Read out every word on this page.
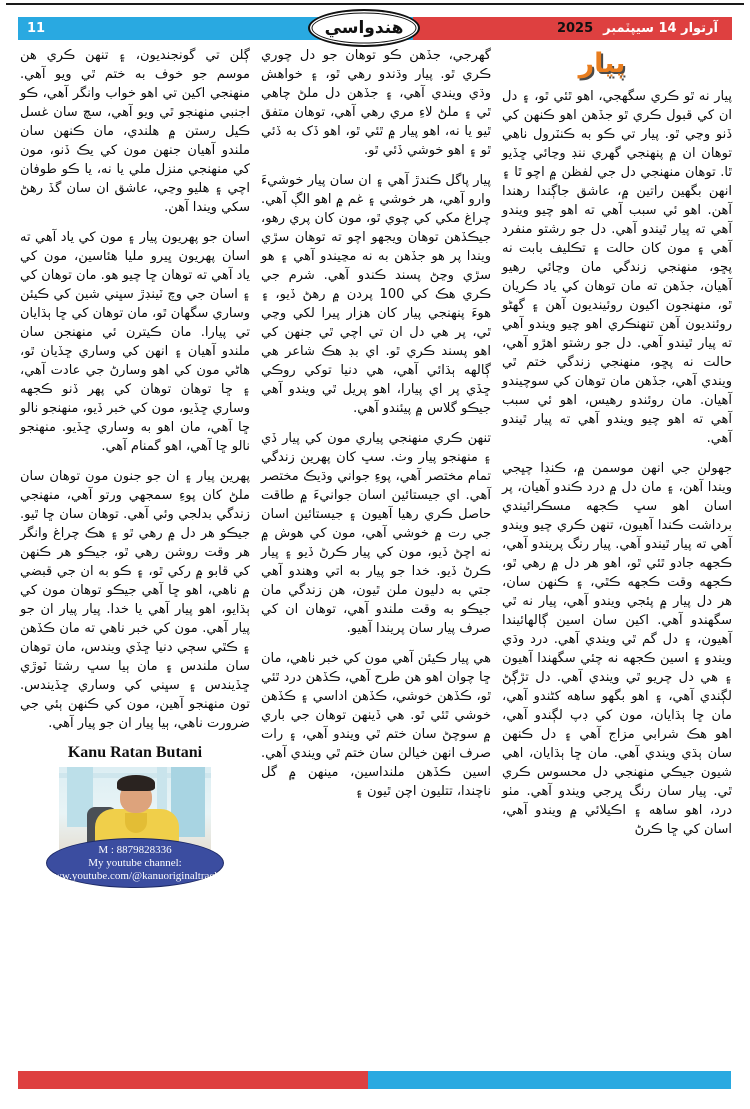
11	آرتوار 14 سيپٽمبر
2025
هندواسي
پيار

پيار نه ٿو ڪري سگهجي، اهو ٿئي ٿو، ۽ دل ان کي قبول ڪري ٿو جڏهن اهو ڪنهن کي ڏنو وڃي ٿو. پيار تي ڪو به ڪنٽرول ناهي توهان ان ۾ پنهنجي گهري ننڊ وڃائي ڇڏيو ٿا. توهان منهنجي دل جي لفظن ۾ اچو ٿا ۽ انهن بگهين راتين ۾، عاشق جاڳندا رهندا آهن. اهو ئي سبب آهي ته اهو چيو ويندو آهي ته پيار ٿيندو آهي. دل جو رشتو منفرد آهي ۽ مون کان حالت ۽ تڪليف بابت نه پڇو، منهنجي زندگي مان وڃائي رهيو آهيان، جڏهن ته مان توهان کي ياد ڪريان ٿو، منهنجون اکيون روئينديون آهن ۽ گهڻو روئنديون آهن تنهنڪري اهو چيو ويندو آهي ته پيار ٿيندو آهي. دل جو رشتو اهڙو آهي، حالت نه پڇو، منهنجي زندگي ختم ٿي ويندي آهي، جڏهن مان توهان کي سوچيندو آهيان. مان روئندو رهيس، اهو ئي سبب آهي ته اهو چيو ويندو آهي ته پيار ٿيندو آهي.

جهولن جي انهن موسمن ۾، ڪنڊا چڀجي ويندا آهن، ۽ مان دل ۾ درد ڪندو آهيان، پر اسان اهو سڀ ڪجهه مسڪرائيندي برداشت ڪندا آهيون، تنهن ڪري چيو ويندو آهي ته پيار ٿيندو آهي. پيار رنگ پريندو آهي، ڪجهه جادو ٿئي ٿو، اهو هر دل ۾ رهي ٿو، ڪجهه وقت ڪجهه ڪٿي، ۽ ڪنهن سان، هر دل پيار ۾ پئجي ويندو آهي، پيار نه ٿي سگهندو آهي. اکين سان اسين ڳالهائيندا آهيون، ۽ دل گم ٿي ويندي آهي. درد وڌي ويندو ۽ اسين ڪجهه نه چئي سگهندا آهيون ۽ هي دل چريو ٿي ويندي آهي. دل تڙڳڻ لڳندي آهي، ۽ اهو بگهو ساهه کڻندو آهي، مان ڇا ٻڌايان، مون کي ڊپ لڳندو آهي، اهو هڪ شرابي مزاج آهي ۽ دل ڪنهن سان ٻڌي ويندي آهي. مان ڇا ٻڌايان، اهي شيون جيڪي منهنجي دل محسوس ڪري ٿي. پيار سان رنگ ڀرجي ويندو آهي. مٺو درد، اهو ساهه ۽ اڪيلائي ۾ ويندو آهي، اسان کي ڇا ڪرڻ

گهرجي، جڏهن ڪو توهان جو دل چوري ڪري ٿو. پيار وڌندو رهي ٿو، ۽ خواهش وڌي ويندي آهي، ۽ جڏهن دل ملڻ چاهي ٿي ۽ ملڻ لاءِ مري رهي آهي، توهان متفق ٿيو يا نه، اهو پيار ۾ ٿئي ٿو، اهو ڏک به ڏئي ٿو ۽ اهو خوشي ڏئي ٿو.

پيار پاگل ڪندڙ آهي ۽ ان سان پيار خوشيءَ وارو آهي، هر خوشي ۽ غم ۾ اهو الڳ آهي. چراغ مکي کي چوي ٿو، مون کان پري رهو، جيڪڏهن توهان ويجهو اچو ته توهان سڙي ويندا پر هو جڏهن به نه مڃيندو آهي ۽ هو سڙي وڃڻ پسند ڪندو آهي. شرم جي ڪري هڪ کي 100 پردن ۾ رهڻ ڏيو، ۽ هوءَ پنهنجي پيار کان هزار پيرا لکي وڃي ٿي، پر هي دل ان تي اچي ٿي جنهن کي اهو پسند ڪري ٿو. اي بڊ هڪ شاعر هي ڳالهه ٻڌائي آهي، هي دنيا توکي روڪي ڇڏي پر اي پيارا، اهو پريل ٿي ويندو آهي جيڪو گلاس ۾ پيئندو آهي.

تنهن ڪري منهنجي پياري مون کي پيار ڏي ۽ منهنجو پيار وٺ. سڀ کان پهرين زندگي تمام مختصر آهي، پوءِ جواني وڌيڪ مختصر آهي. اي جيستائين اسان جوانيءَ ۾ طاقت حاصل ڪري رهيا آهيون ۽ جيستائين اسان جي رت ۾ خوشي آهي، مون کي هوش ۾ نه اچڻ ڏيو، مون کي پيار ڪرڻ ڏيو ۽ پيار ڪرڻ ڏيو. خدا جو پيار به اتي وهندو آهي جتي به دليون ملن ٿيون، هن زندگي مان جيڪو به وقت ملندو آهي، توهان ان کي صرف پيار سان پريندا آهيو.

هي پيار ڪيئن آهي مون کي خبر ناهي، مان ڇا چوان اهو هن طرح آهي، ڪڏهن درد ٿئي ٿو، ڪڏهن خوشي، ڪڏهن اداسي ۽ ڪڏهن خوشي ٿئي ٿو. هي ڏينهن توهان جي باري ۾ سوچڻ سان ختم ٿي ويندو آهي، ۽ رات صرف انهن خيالن سان ختم ٿي ويندي آهي. اسين ڪڏهن ملنداسين، مينهن ۾ گل ناچندا، تتليون اچن ٿيون ۽

ڳلن تي گونجنديون، ۽ تنهن ڪري هن موسم جو خوف به ختم ٿي ويو آهي. منهنجي اکين تي اهو خواب وانگر آهي، ڪو اجنبي منهنجو ٿي ويو آهي، سچ سان غسل ڪيل رستن ۾ هلندي، مان ڪنهن سان ملندو آهيان جنهن مون کي يڪ ڏنو، مون کي منهنجي منزل ملي يا نه، يا ڪو طوفان اچي ۽ هليو وڃي، عاشق ان سان گڏ رهڻ سکي ويندا آهن.

اسان جو پهريون پيار ۽ مون کي ياد آهي ته اسان پهريون ڀيرو مليا هئاسين، مون کي ياد آهي ته توهان ڇا چيو هو. مان توهان کي ۽ اسان جي وچ ٽينڊڙ سڀني شين کي ڪيئن وساري سگهان ٿو، مان توهان کي ڇا ٻڌايان تي پيارا. مان ڪيترن ئي منهنجن سان ملندو آهيان ۽ انهن کي وساري ڇڏيان ٿو، هاڻي مون کي اهو وسارڻ جي عادت آهي، ۽ ڇا توهان توهان کي پهر ڏنو ڪجهه وساري ڇڏيو، مون کي خبر ڏيو، منهنجو نالو ڇا آهي، مان اهو به وساري ڇڏيو. منهنجو نالو ڇا آهي، اهو گمنام آهي.

پهرين پيار ۽ ان جو جنون مون توهان سان ملڻ کان پوءِ سمجهي ورتو آهي، منهنجي زندگي بدلجي وئي آهي. توهان سان ڇا ٿيو. جيڪو هر دل ۾ رهي ٿو ۽ هڪ چراغ وانگر هر وقت روشن رهي ٿو، جيڪو هر ڪنهن کي قابو ۾ رکي ٿو، ۽ ڪو به ان جي قبضي ۾ ناهي، اهو ڇا آهي جيڪو توهان مون کي ٻڌايو، اهو پيار آهي يا خدا. پيار پيار ان جو پيار آهي. مون کي خبر ناهي ته مان ڪڏهن ۽ ڪٿي سڄي دنيا ڇڏي ويندس، مان توهان سان ملندس ۽ مان ٻيا سڀ رشتا ٽوڙي ڇڏيندس ۽ سڀني کي وساري ڇڏيندس. تون منهنجو آهين، مون کي ڪنهن ٻئي جي ضرورت ناهي، ٻيا پيار ان جو پيار آهي.

Kanu Ratan Butani
M : 8879828336
My youtube channel:
www.youtube.com/@kanuoriginaltracks
